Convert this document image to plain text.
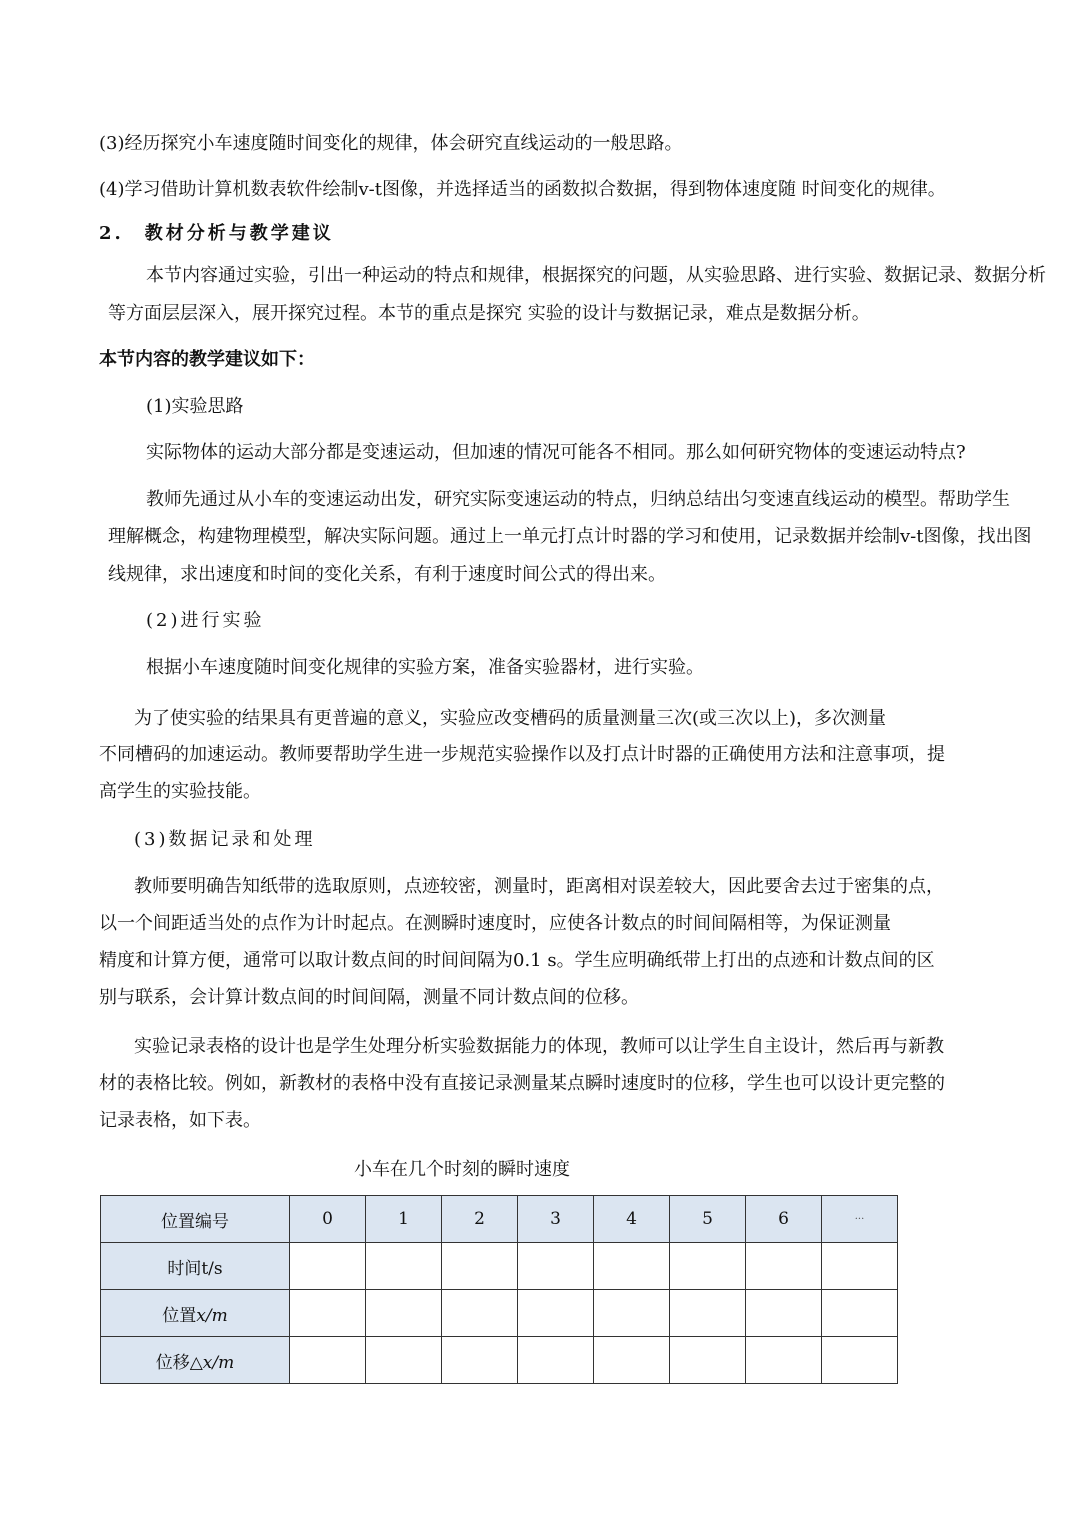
(3)经历探究小车速度随时间变化的规律，体会研究直线运动的一般思路。
(4)学习借助计算机数表软件绘制v-t图像，并选择适当的函数拟合数据，得到物体速度随 时间变化的规律。
2.　教材分析与教学建议
本节内容通过实验，引出一种运动的特点和规律，根据探究的问题，从实验思路、进行实验、数据记录、数据分析
等方面层层深入，展开探究过程。本节的重点是探究 实验的设计与数据记录，难点是数据分析。
本节内容的教学建议如下：
(1)实验思路
实际物体的运动大部分都是变速运动，但加速的情况可能各不相同。那么如何研究物体的变速运动特点?
教师先通过从小车的变速运动出发，研究实际变速运动的特点，归纳总结出匀变速直线运动的模型。帮助学生
理解概念，构建物理模型，解决实际问题。通过上一单元打点计时器的学习和使用，记录数据并绘制v-t图像，找出图
线规律，求出速度和时间的变化关系，有利于速度时间公式的得出来。
(2)进行实验
根据小车速度随时间变化规律的实验方案，准备实验器材，进行实验。
为了使实验的结果具有更普遍的意义，实验应改变槽码的质量测量三次(或三次以上)，多次测量
不同槽码的加速运动。教师要帮助学生进一步规范实验操作以及打点计时器的正确使用方法和注意事项，提
高学生的实验技能。
(3)数据记录和处理
教师要明确告知纸带的选取原则，点迹较密，测量时，距离相对误差较大，因此要舍去过于密集的点，
以一个间距适当处的点作为计时起点。在测瞬时速度时，应使各计数点的时间间隔相等，为保证测量
精度和计算方便，通常可以取计数点间的时间间隔为0.1 s。学生应明确纸带上打出的点迹和计数点间的区
别与联系，会计算计数点间的时间间隔，测量不同计数点间的位移。
实验记录表格的设计也是学生处理分析实验数据能力的体现，教师可以让学生自主设计，然后再与新教
材的表格比较。例如，新教材的表格中没有直接记录测量某点瞬时速度时的位移，学生也可以设计更完整的
记录表格，如下表。
小车在几个时刻的瞬时速度
位置编号	0	1	2	3	4	5	6	···
时间t/s								
位置x/m								
位移△x/m								
